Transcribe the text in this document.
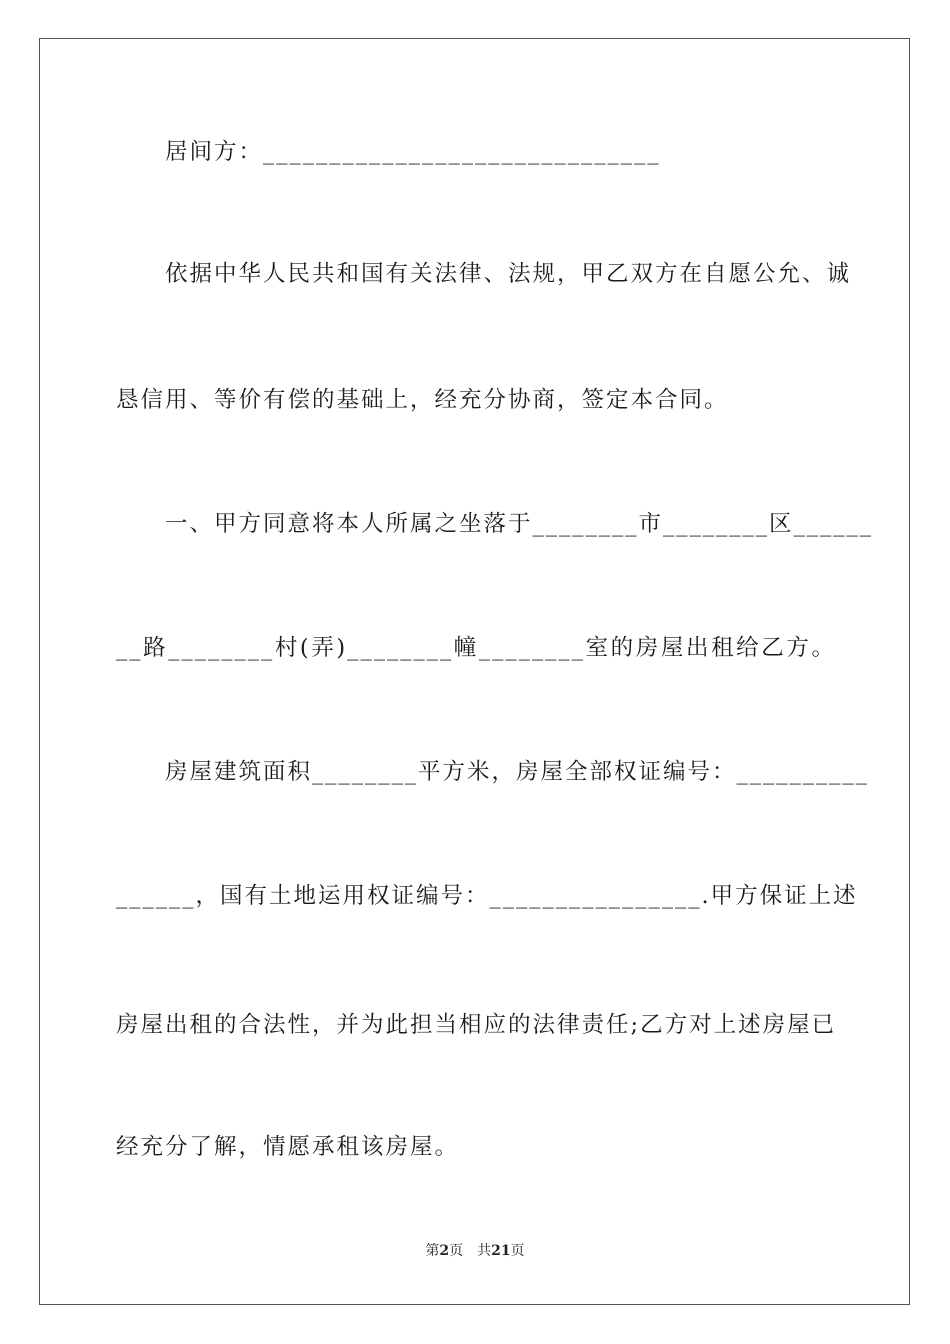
居间方：______________________________
依据中华人民共和国有关法律、法规，甲乙双方在自愿公允、诚
恳信用、等价有偿的基础上，经充分协商，签定本合同。
一、甲方同意将本人所属之坐落于________市________区______
__路________村(弄)________幢________室的房屋出租给乙方。
房屋建筑面积________平方米，房屋全部权证编号：__________
______，国有土地运用权证编号：________________.甲方保证上述
房屋出租的合法性，并为此担当相应的法律责任;乙方对上述房屋已
经充分了解，情愿承租该房屋。
第2页 共21页
